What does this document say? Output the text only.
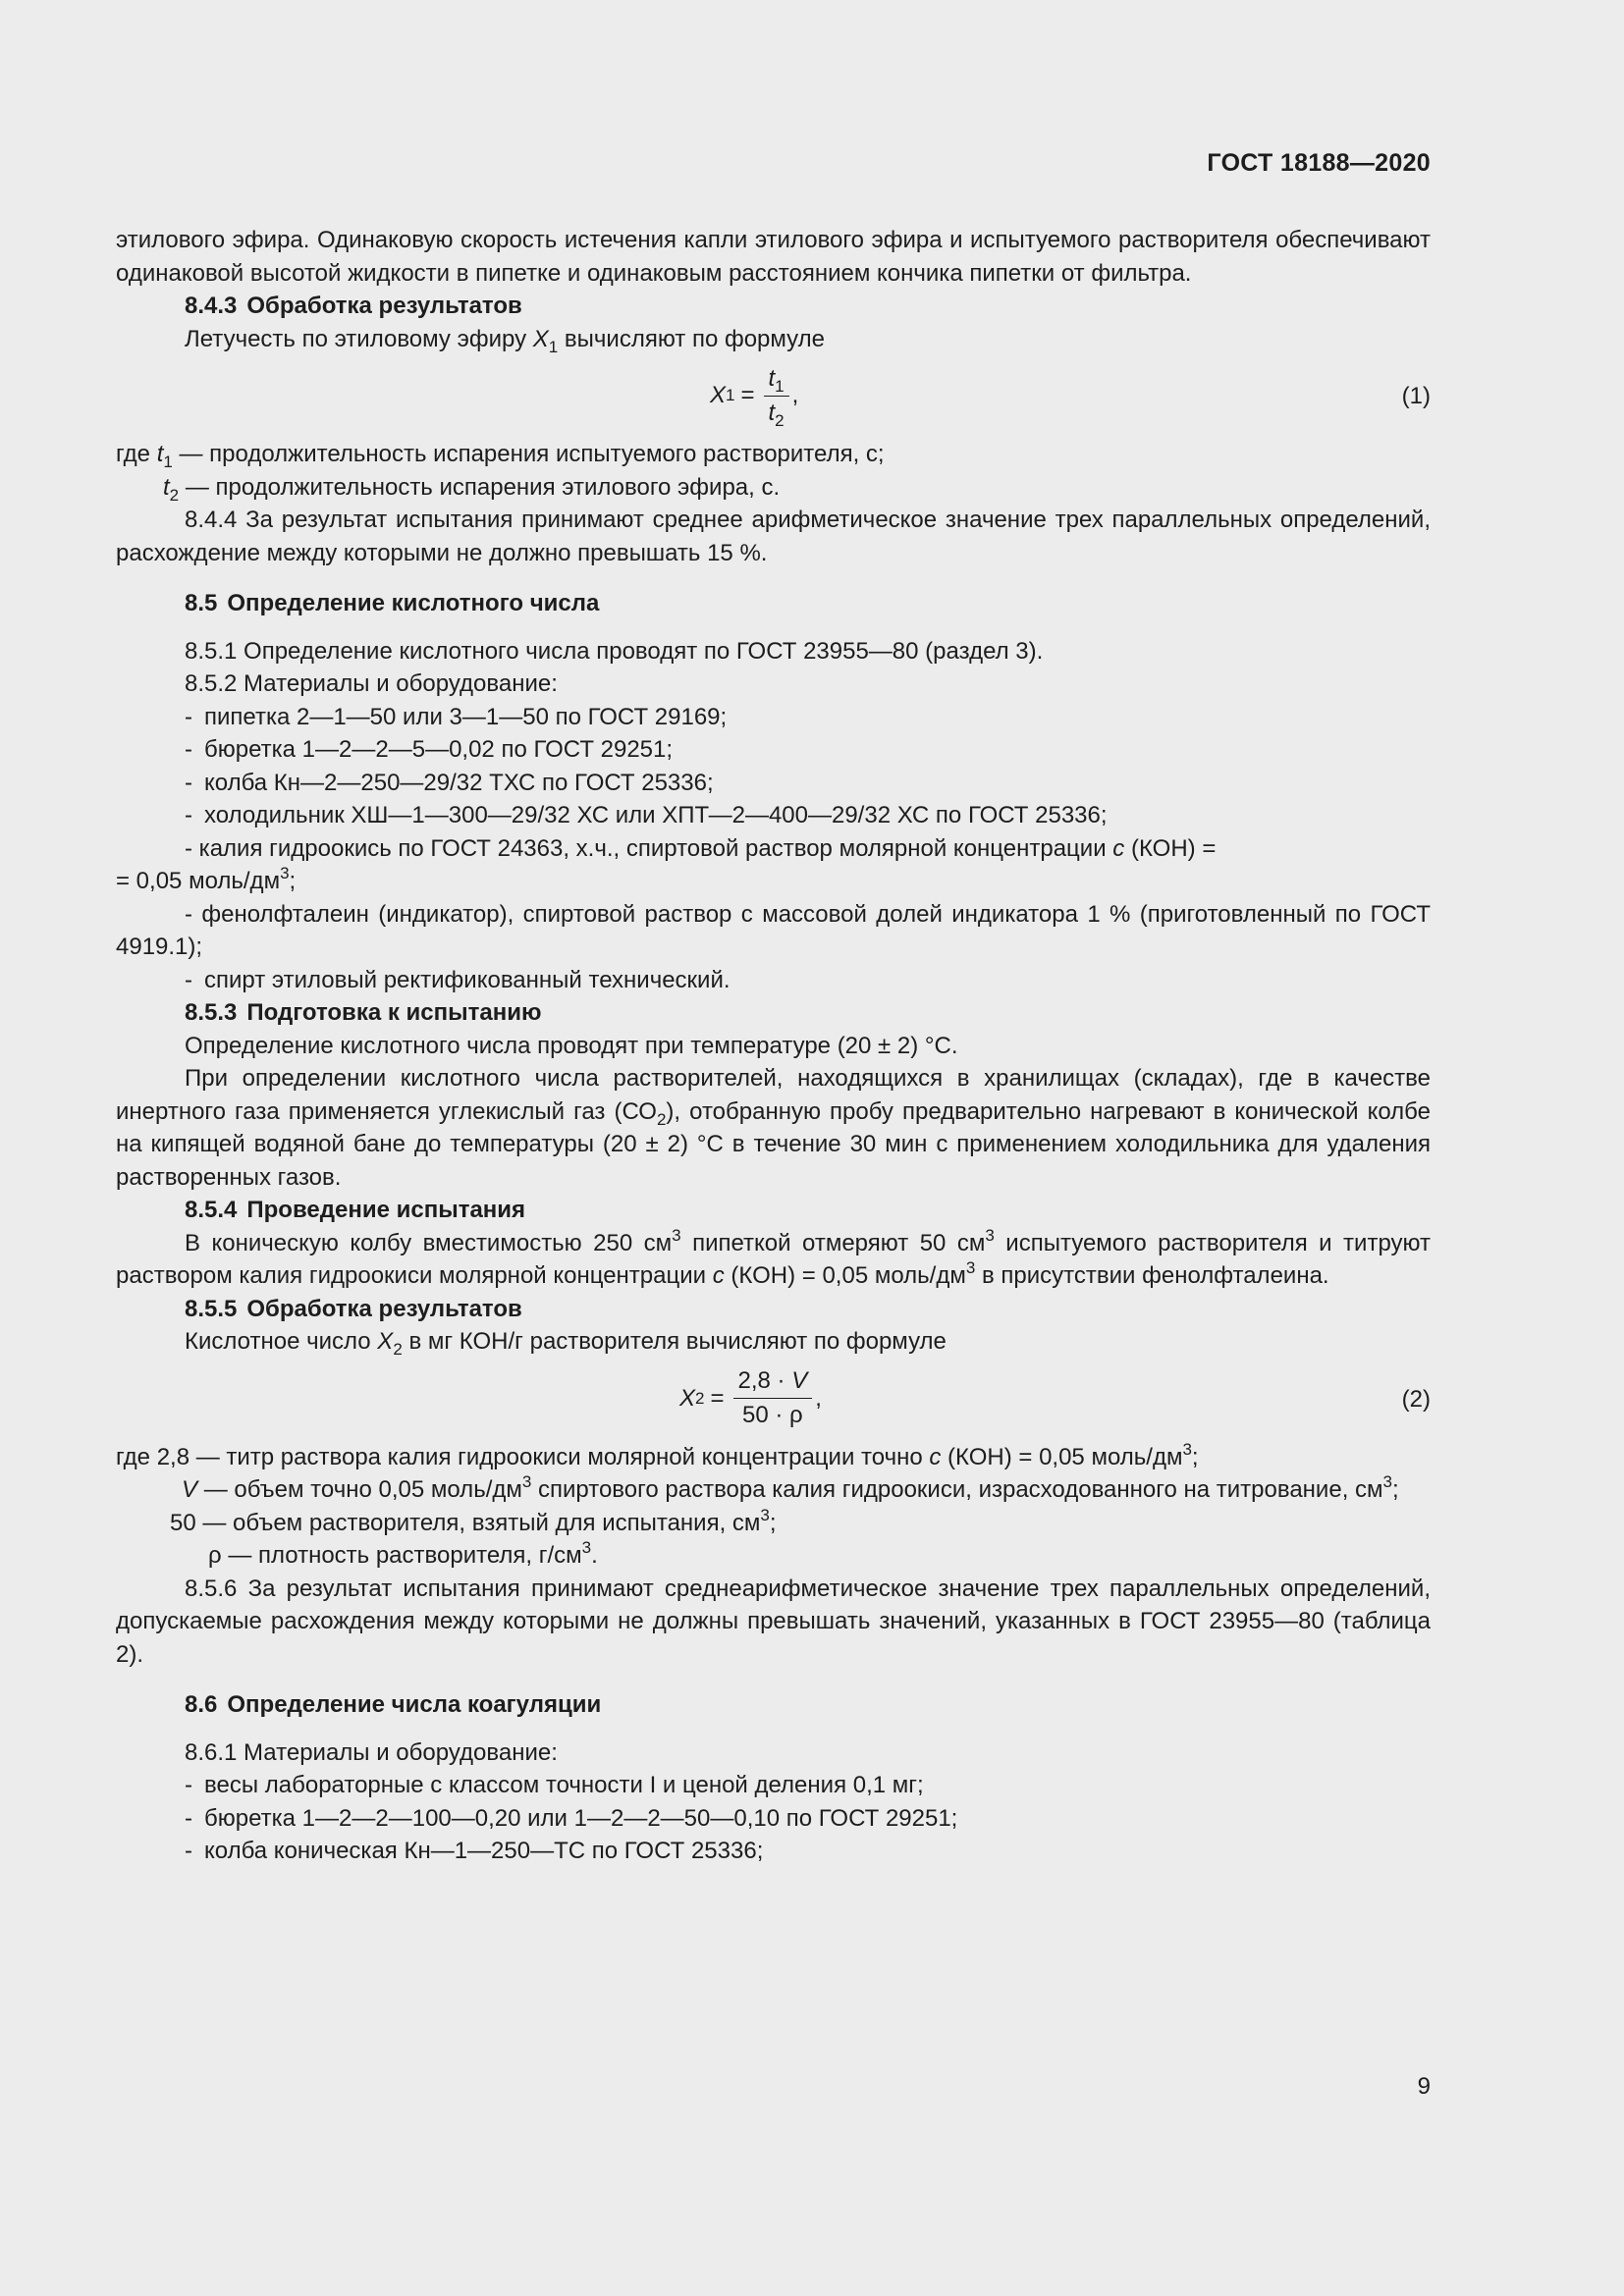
ГОСТ 18188—2020

этилового эфира. Одинаковую скорость истечения капли этилового эфира и испытуемого растворителя обеспечивают одинаковой высотой жидкости в пипетке и одинаковым расстоянием кончика пипетки от фильтра.

8.4.3 Обработка результатов

Летучесть по этиловому эфиру $X_1$ вычисляют по формуле

X $1 = \frac{t_1}{t_2}$ ,	(1)

где $t_1$ — продолжительность испарения испытуемого растворителя, с;

$t_2$ — продолжительность испарения этилового эфира, с.

8.4.4 За результат испытания принимают среднее арифметическое значение трех параллельных определений, расхождение между которыми не должно превышать 15 %.

8.5 Определение кислотного числа

8.5.1 Определение кислотного числа проводят по ГОСТ 23955—80 (раздел 3).

8.5.2 Материалы и оборудование:

- пипетка 2—1—50 или 3—1—50 по ГОСТ 29169;

- бюретка 1—2—2—5—0,02 по ГОСТ 29251;

- колба Кн—2—250—29/32 ТХС по ГОСТ 25336;

- холодильник ХШ—1—300—29/32 ХС или ХПТ—2—400—29/32 ХС по ГОСТ 25336;

- калия гидроокись по ГОСТ 24363, х.ч., спиртовой раствор молярной концентрации c (КОН) =

= 0,05 моль/$дм^3$;

- фенолфталеин (индикатор), спиртовой раствор с массовой долей индикатора 1 % (приготовленный по ГОСТ 4919.1);

- спирт этиловый ректификованный технический.

8.5.3 Подготовка к испытанию

Определение кислотного числа проводят при температуре (20 ± 2) °С.

При определении кислотного числа растворителей, находящихся в хранилищах (складах), где в качестве инертного газа применяется углекислый газ $(СО_2)$, отобранную пробу предварительно нагревают в конической колбе на кипящей водяной бане до температуры (20 ± 2) °С в течение 30 мин с применением холодильника для удаления растворенных газов.

8.5.4 Проведение испытания

В коническую колбу вместимостью 250 $см^3$ пипеткой отмеряют 50 $см^3$ испытуемого растворителя и титруют раствором калия гидроокиси молярной концентрации c (КОН) = 0,05 моль/$дм^3$ в присутствии фенолфталеина.

8.5.5 Обработка результатов

Кислотное число $X_2$ в мг КОН/г растворителя вычисляют по формуле

X $2 = \frac{2,8 \cdot V}{50 \cdot \rho}$ ,	(2)

где 2,8 — титр раствора калия гидроокиси молярной концентрации точно c (КОН) = 0,05 моль/$дм^3$;

V — объем точно 0,05 моль/$дм^3$ спиртового раствора калия гидроокиси, израсходованного на титрование, $см^3$;

50 — объем растворителя, взятый для испытания, $см^3$;

ρ — плотность растворителя, $г/см^3$.

8.5.6 За результат испытания принимают среднеарифметическое значение трех параллельных определений, допускаемые расхождения между которыми не должны превышать значений, указанных в ГОСТ 23955—80 (таблица 2).

8.6 Определение числа коагуляции

8.6.1 Материалы и оборудование:

- весы лабораторные с классом точности I и ценой деления 0,1 мг;

- бюретка 1—2—2—100—0,20 или 1—2—2—50—0,10 по ГОСТ 29251;

- колба коническая Кн—1—250—ТС по ГОСТ 25336;

9
